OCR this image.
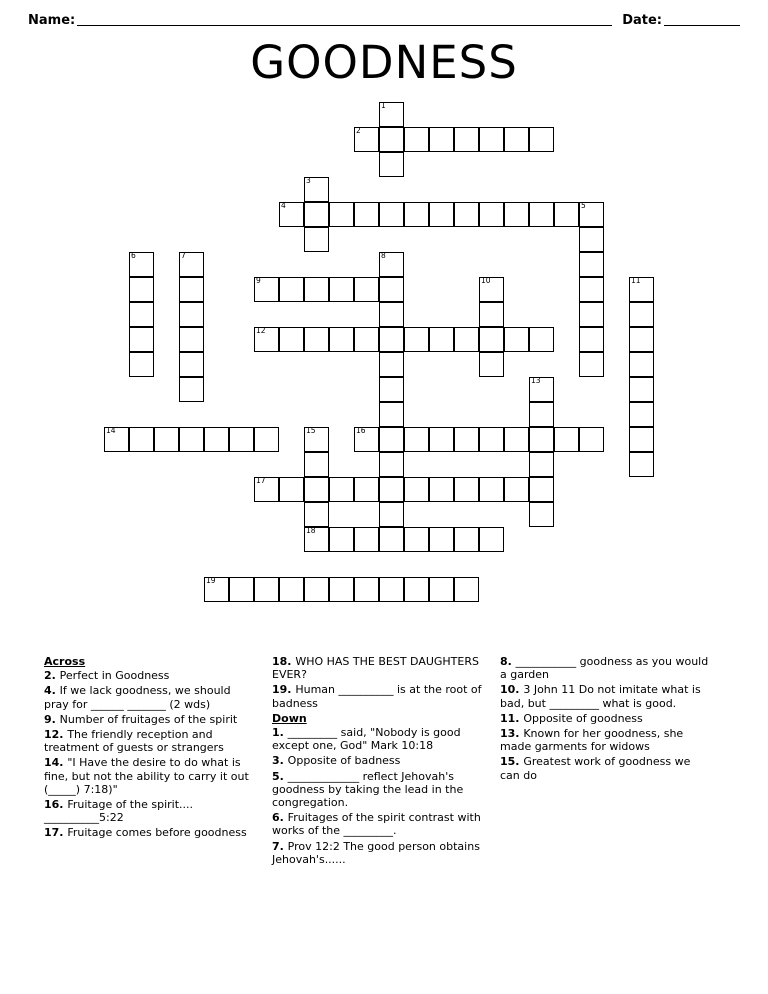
Name:	Date:
GOODNESS
1
2
3
4	5
6	7	8
9	10	11
12
13
14	15
18
16
17
19
Across
2. Perfect in Goodness
4. If we lack goodness, we should pray for ______ _______ (2 wds)
9. Number of fruitages of the spirit
12. The friendly reception and treatment of guests or strangers
14. "I Have the desire to do what is fine, but not the ability to carry it out (_____) 7:18)"
16. Fruitage of the spirit.... __________5:22
17. Fruitage comes before goodness
18. WHO HAS THE BEST DAUGHTERS EVER?
19. Human __________ is at the root of badness
Down
1. _________ said, "Nobody is good except one, God" Mark 10:18
3. Opposite of badness
5. _____________ reflect Jehovah's goodness by taking the lead in the congregation.
6. Fruitages of the spirit contrast with works of the _________.
7. Prov 12:2 The good person obtains Jehovah's......
8. ___________ goodness as you would a garden
10. 3 John 11 Do not imitate what is bad, but _________ what is good.
11. Opposite of goodness
13. Known for her goodness, she made garments for widows
15. Greatest work of goodness we can do
